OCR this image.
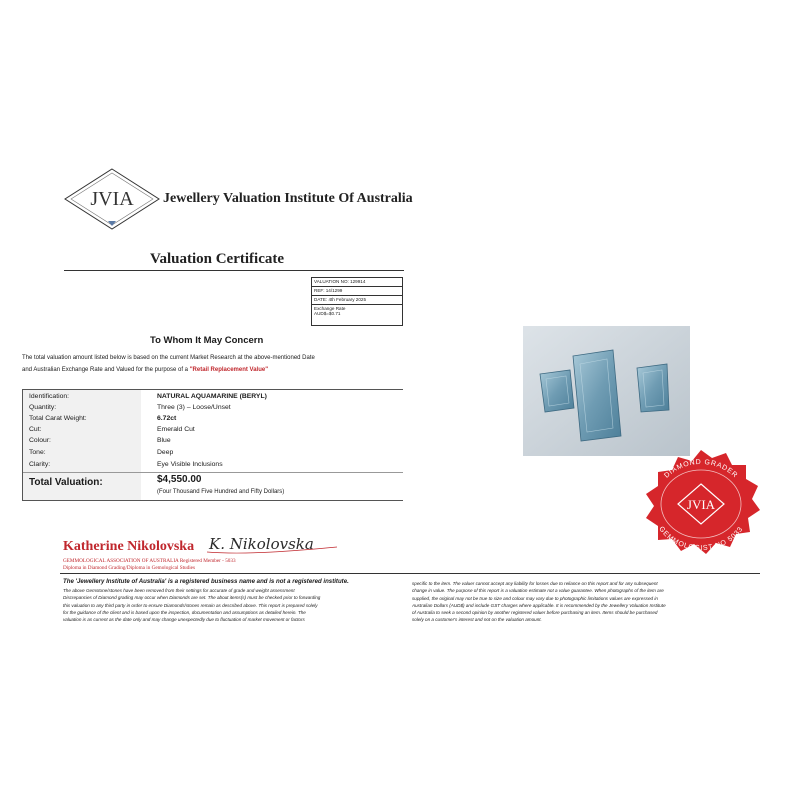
JVIA Jewellery Valuation Institute Of Australia
Valuation Certificate
VALUATION NO: 129914
REF: 14/1299
DATE: 4th February 2025
Exchange Rate
AUD$=$0.71
To Whom It May Concern
The total valuation amount listed below is based on the current Market Research at the above-mentioned Date
and Australian Exchange Rate and Valued for the purpose of a "Retail Replacement Value"
Identification:	NATURAL AQUAMARINE (BERYL)
Quantity:	Three (3) – Loose/Unset
Total Carat Weight:	6.72ct
Cut:	Emerald Cut
Colour:	Blue
Tone:	Deep
Clarity:	Eye Visible Inclusions
Total Valuation:	$4,550.00
(Four Thousand Five Hundred and Fifty Dollars)
DIAMOND GRADER
GEMMOLOGIST NO 5033
JVIA
Katherine Nikolovska K. Nikolovska
GEMMOLOGICAL ASSOCIATION OF AUSTRALIA Registered Member - 5033
Diploma in Diamond Grading/Diploma in Gemological Studies
The 'Jewellery Institute of Australia' is a registered business name and is not a registered institute.
The above Gemstone/stones have been removed from their settings for accurate of grade and weight assessment
Discrepancies of Diamond grading may occur when Diamonds are set. The about items(s) must be checked prior to forwarding
this valuation to any third party in order to ensure Diamonds/stones remain as described above. This report is prepared solely
for the guidance of the client and is based upon the inspection, documentation and assumptions as detailed herein. The
valuation is as current as the date only and may change unexpectedly due to fluctuation of market movement or factors
specific to the item. The valuer cannot accept any liability for losses due to reliance on this report and for any subsequent
change in value. The purpose of this report is a valuation estimate not a value guarantee. When photographs of the item are
supplied, the original may not be true to size and colour may vary due to photographic limitations values are expressed in
Australian Dollars (AUD$) and include GST charges where applicable. It is recommended by the Jewellery Valuation Institute
of Australia to seek a second opinion by another registered valuer before purchasing an item. Items should be purchased
solely on a customer's interest and not on the valuation amount.
